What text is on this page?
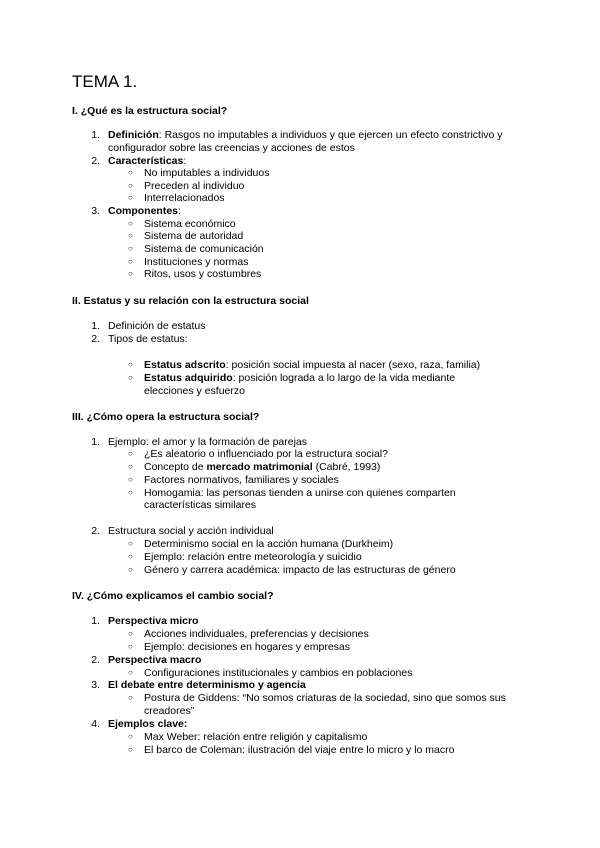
TEMA 1.
I. ¿Qué es la estructura social?
1. Definición: Rasgos no imputables a individuos y que ejercen un efecto constrictivo y
configurador sobre las creencias y acciones de estos
2. Características:
○ No imputables a individuos
○ Preceden al individuo
○ Interrelacionados
3. Componentes:
○ Sistema económico
○ Sistema de autoridad
○ Sistema de comunicación
○ Instituciones y normas
○ Ritos, usos y costumbres
II. Estatus y su relación con la estructura social
1. Definición de estatus
2. Tipos de estatus:
○ Estatus adscrito: posición social impuesta al nacer (sexo, raza, familia)
○ Estatus adquirido: posición lograda a lo largo de la vida mediante
elecciones y esfuerzo
III. ¿Cómo opera la estructura social?
1. Ejemplo: el amor y la formación de parejas
○ ¿Es aleatorio o influenciado por la estructura social?
○ Concepto de mercado matrimonial (Cabré, 1993)
○ Factores normativos, familiares y sociales
○ Homogamia: las personas tienden a unirse con quienes comparten
características similares
2. Estructura social y acción individual
○ Determinismo social en la acción humana (Durkheim)
○ Ejemplo: relación entre meteorología y suicidio
○ Género y carrera académica: impacto de las estructuras de género
IV. ¿Cómo explicamos el cambio social?
1. Perspectiva micro
○ Acciones individuales, preferencias y decisiones
○ Ejemplo: decisiones en hogares y empresas
2. Perspectiva macro
○ Configuraciones institucionales y cambios en poblaciones
3. El debate entre determinismo y agencia
○ Postura de Giddens: “No somos criaturas de la sociedad, sino que somos sus
creadores”
4. Ejemplos clave:
○ Max Weber: relación entre religión y capitalismo
○ El barco de Coleman: ilustración del viaje entre lo micro y lo macro
